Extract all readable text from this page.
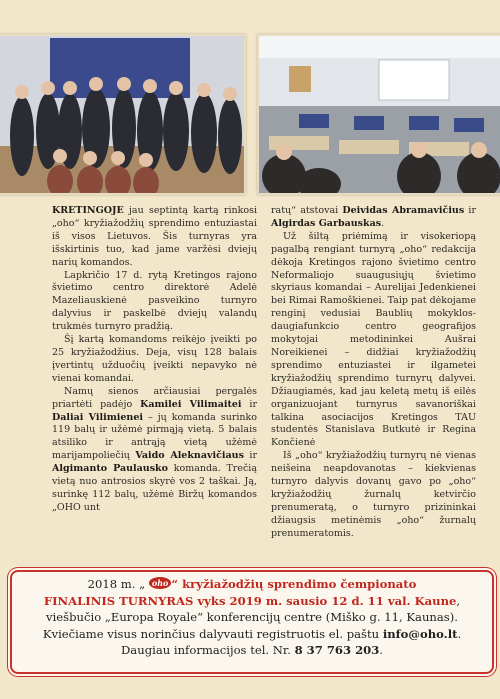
KRETINGOJE jau septintą kartą rinkosi „oho“ kryžiažodžių sprendimo entuziastai iš visos Lietuvos. Šis turnyras yra išskirtinis tuo, kad jame varžėsi dviejų narių komandos.

Lapkričio 17 d. rytą Kretingos rajono švietimo centro direktorė Adelė Mazeliauskienė pasveikino turnyro dalyvius ir paskelbė dviejų valandų trukmės turnyro pradžią.

Šį kartą komandoms reikėjo įveikti po 25 kryžiažodžius. Deja, visų 128 balais įvertintų užduočių įveikti nepavyko nė vienai komandai.

Namų sienos arčiausiai pergalės priartėti padėjo Kamilei Vilimaitei ir Daliai Vilimienei – jų komanda surinko 119 balų ir užėmė pirmąją vietą. 5 balais atsiliko ir antrąją vietą užėmė marijampoliečių Vaido Aleknavičiaus ir Algimanto Paulausko komanda. Trečią vietą nuo antrosios skyrė vos 2 taškai. Ją, surinkę 112 balų, užėmė Biržų komandos „OHO unt

ratų“ atstovai Deividas Abramavičius ir Algirdas Garbauskas.

Už šiltą priėmimą ir visokeriopą pagalbą rengiant turnyrą „oho“ redakcija dėkoja Kretingos rajono švietimo centro Neformaliojo suaugusiųjų švietimo skyriaus komandai – Aurelijai Jedenkienei bei Rimai Ramoškienei. Taip pat dėkojame renginį vedusiai Baublių mokyklos-daugiafunkcio centro geografijos mokytojai metodininkei Aušrai Noreikienei – didžiai kryžiažodžių sprendimo entuziastei ir ilgametei kryžiažodžių sprendimo turnyrų dalyvei. Džiaugiamės, kad jau keletą metų iš eilės organizuojant turnyrus savanoriškai talkina asociacijos Kretingos TAU studentės Stanislava Butkutė ir Regina Končienė

Iš „oho“ kryžiažodžių turnyrų nė vienas neišeina neapdovanotas – kiekvienas turnyro dalyvis dovanų gavo po „oho“ kryžiažodžių žurnalų ketvirčio prenumeratą, o turnyro prizininkai džiaugsis metinėmis „oho“ žurnalų prenumeratomis.

2018 m. „ oho “ kryžiažodžių sprendimo čempionato
FINALINIS TURNYRAS vyks 2019 m. sausio 12 d. 11 val. Kaune,
viešbučio „Europa Royale“ konferencijų centre (Miško g. 11, Kaunas).
Kviečiame visus norinčius dalyvauti registruotis el. paštu info@oho.lt.
Daugiau informacijos tel. Nr. 8 37 763 203.
